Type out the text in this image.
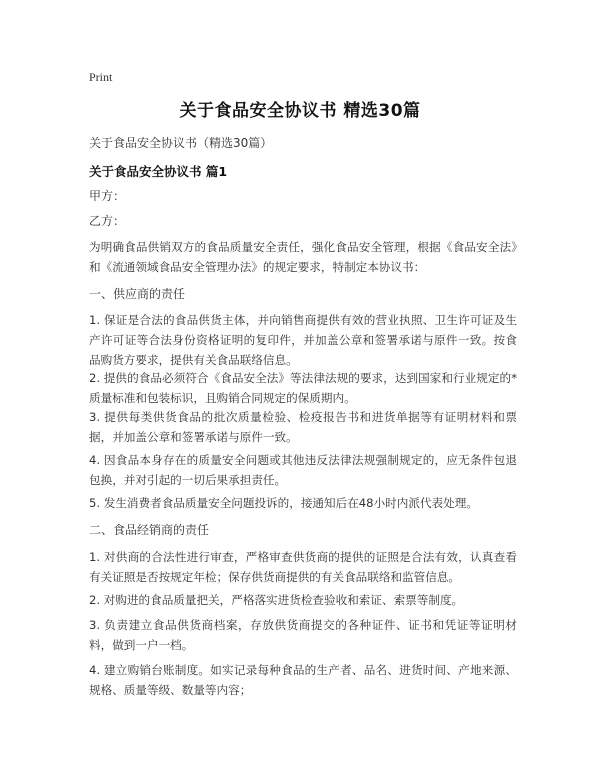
Print
关于食品安全协议书 精选30篇
关于食品安全协议书（精选30篇）
关于食品安全协议书 篇1
甲方：
乙方：
为明确食品供销双方的食品质量安全责任，强化食品安全管理，根据《食品安全法》和《流通领域食品安全管理办法》的规定要求，特制定本协议书：
一、供应商的责任
1. 保证是合法的食品供货主体，并向销售商提供有效的营业执照、卫生许可证及生产许可证等合法身份资格证明的复印件，并加盖公章和签署承诺与原件一致。按食品购货方要求，提供有关食品联络信息。
2. 提供的食品必须符合《食品安全法》等法律法规的要求，达到国家和行业规定的*质量标准和包装标识，且购销合同规定的保质期内。
3. 提供每类供货食品的批次质量检验、检疫报告书和进货单据等有证明材料和票据，并加盖公章和签署承诺与原件一致。
4. 因食品本身存在的质量安全问题或其他违反法律法规强制规定的，应无条件包退包换，并对引起的一切后果承担责任。
5. 发生消费者食品质量安全问题投诉的，接通知后在48小时内派代表处理。
二、食品经销商的责任
1. 对供商的合法性进行审查，严格审查供货商的提供的证照是合法有效，认真查看有关证照是否按规定年检；保存供货商提供的有关食品联络和监管信息。
2. 对购进的食品质量把关，严格落实进货检查验收和索证、索票等制度。
3. 负责建立食品供货商档案，存放供货商提交的各种证件、证书和凭证等证明材料，做到一户一档。
4. 建立购销台账制度。如实记录每种食品的生产者、品名、进货时间、产地来源、规格、质量等级、数量等内容；
